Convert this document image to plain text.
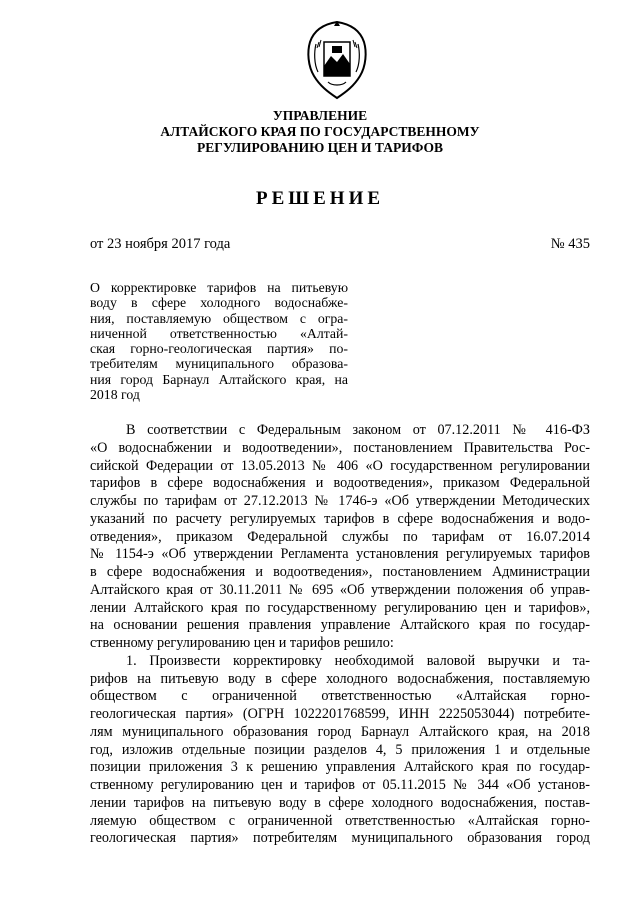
УПРАВЛЕНИЕ
АЛТАЙСКОГО КРАЯ ПО ГОСУДАРСТВЕННОМУ
РЕГУЛИРОВАНИЮ ЦЕН И ТАРИФОВ
РЕШЕНИЕ
от 23 ноября 2017 года	№ 435
О корректировке тарифов на питьевую
воду в сфере холодного водоснабже-
ния, поставляемую обществом с огра-
ниченной ответственностью «Алтай-
ская горно-геологическая партия» по-
требителям муниципального образова-
ния город Барнаул Алтайского края, на
2018 год
В соответствии с Федеральным законом от 07.12.2011 № 416-ФЗ
«О водоснабжении и водоотведении», постановлением Правительства Рос-
сийской Федерации от 13.05.2013 № 406 «О государственном регулировании
тарифов в сфере водоснабжения и водоотведения», приказом Федеральной
службы по тарифам от 27.12.2013 № 1746-э «Об утверждении Методических
указаний по расчету регулируемых тарифов в сфере водоснабжения и водо-
отведения», приказом Федеральной службы по тарифам от 16.07.2014
№ 1154-э «Об утверждении Регламента установления регулируемых тарифов
в сфере водоснабжения и водоотведения», постановлением Администрации
Алтайского края от 30.11.2011 № 695 «Об утверждении положения об управ-
лении Алтайского края по государственному регулированию цен и тарифов»,
на основании решения правления управление Алтайского края по государ-
ственному регулированию цен и тарифов решило:
1. Произвести корректировку необходимой валовой выручки и та-
рифов на питьевую воду в сфере холодного водоснабжения, поставляемую
обществом с ограниченной ответственностью «Алтайская горно-
геологическая партия» (ОГРН 1022201768599, ИНН 2225053044) потребите-
лям муниципального образования город Барнаул Алтайского края, на 2018
год, изложив отдельные позиции разделов 4, 5 приложения 1 и отдельные
позиции приложения 3 к решению управления Алтайского края по государ-
ственному регулированию цен и тарифов от 05.11.2015 № 344 «Об установ-
лении тарифов на питьевую воду в сфере холодного водоснабжения, постав-
ляемую обществом с ограниченной ответственностью «Алтайская горно-
геологическая партия» потребителям муниципального образования город
